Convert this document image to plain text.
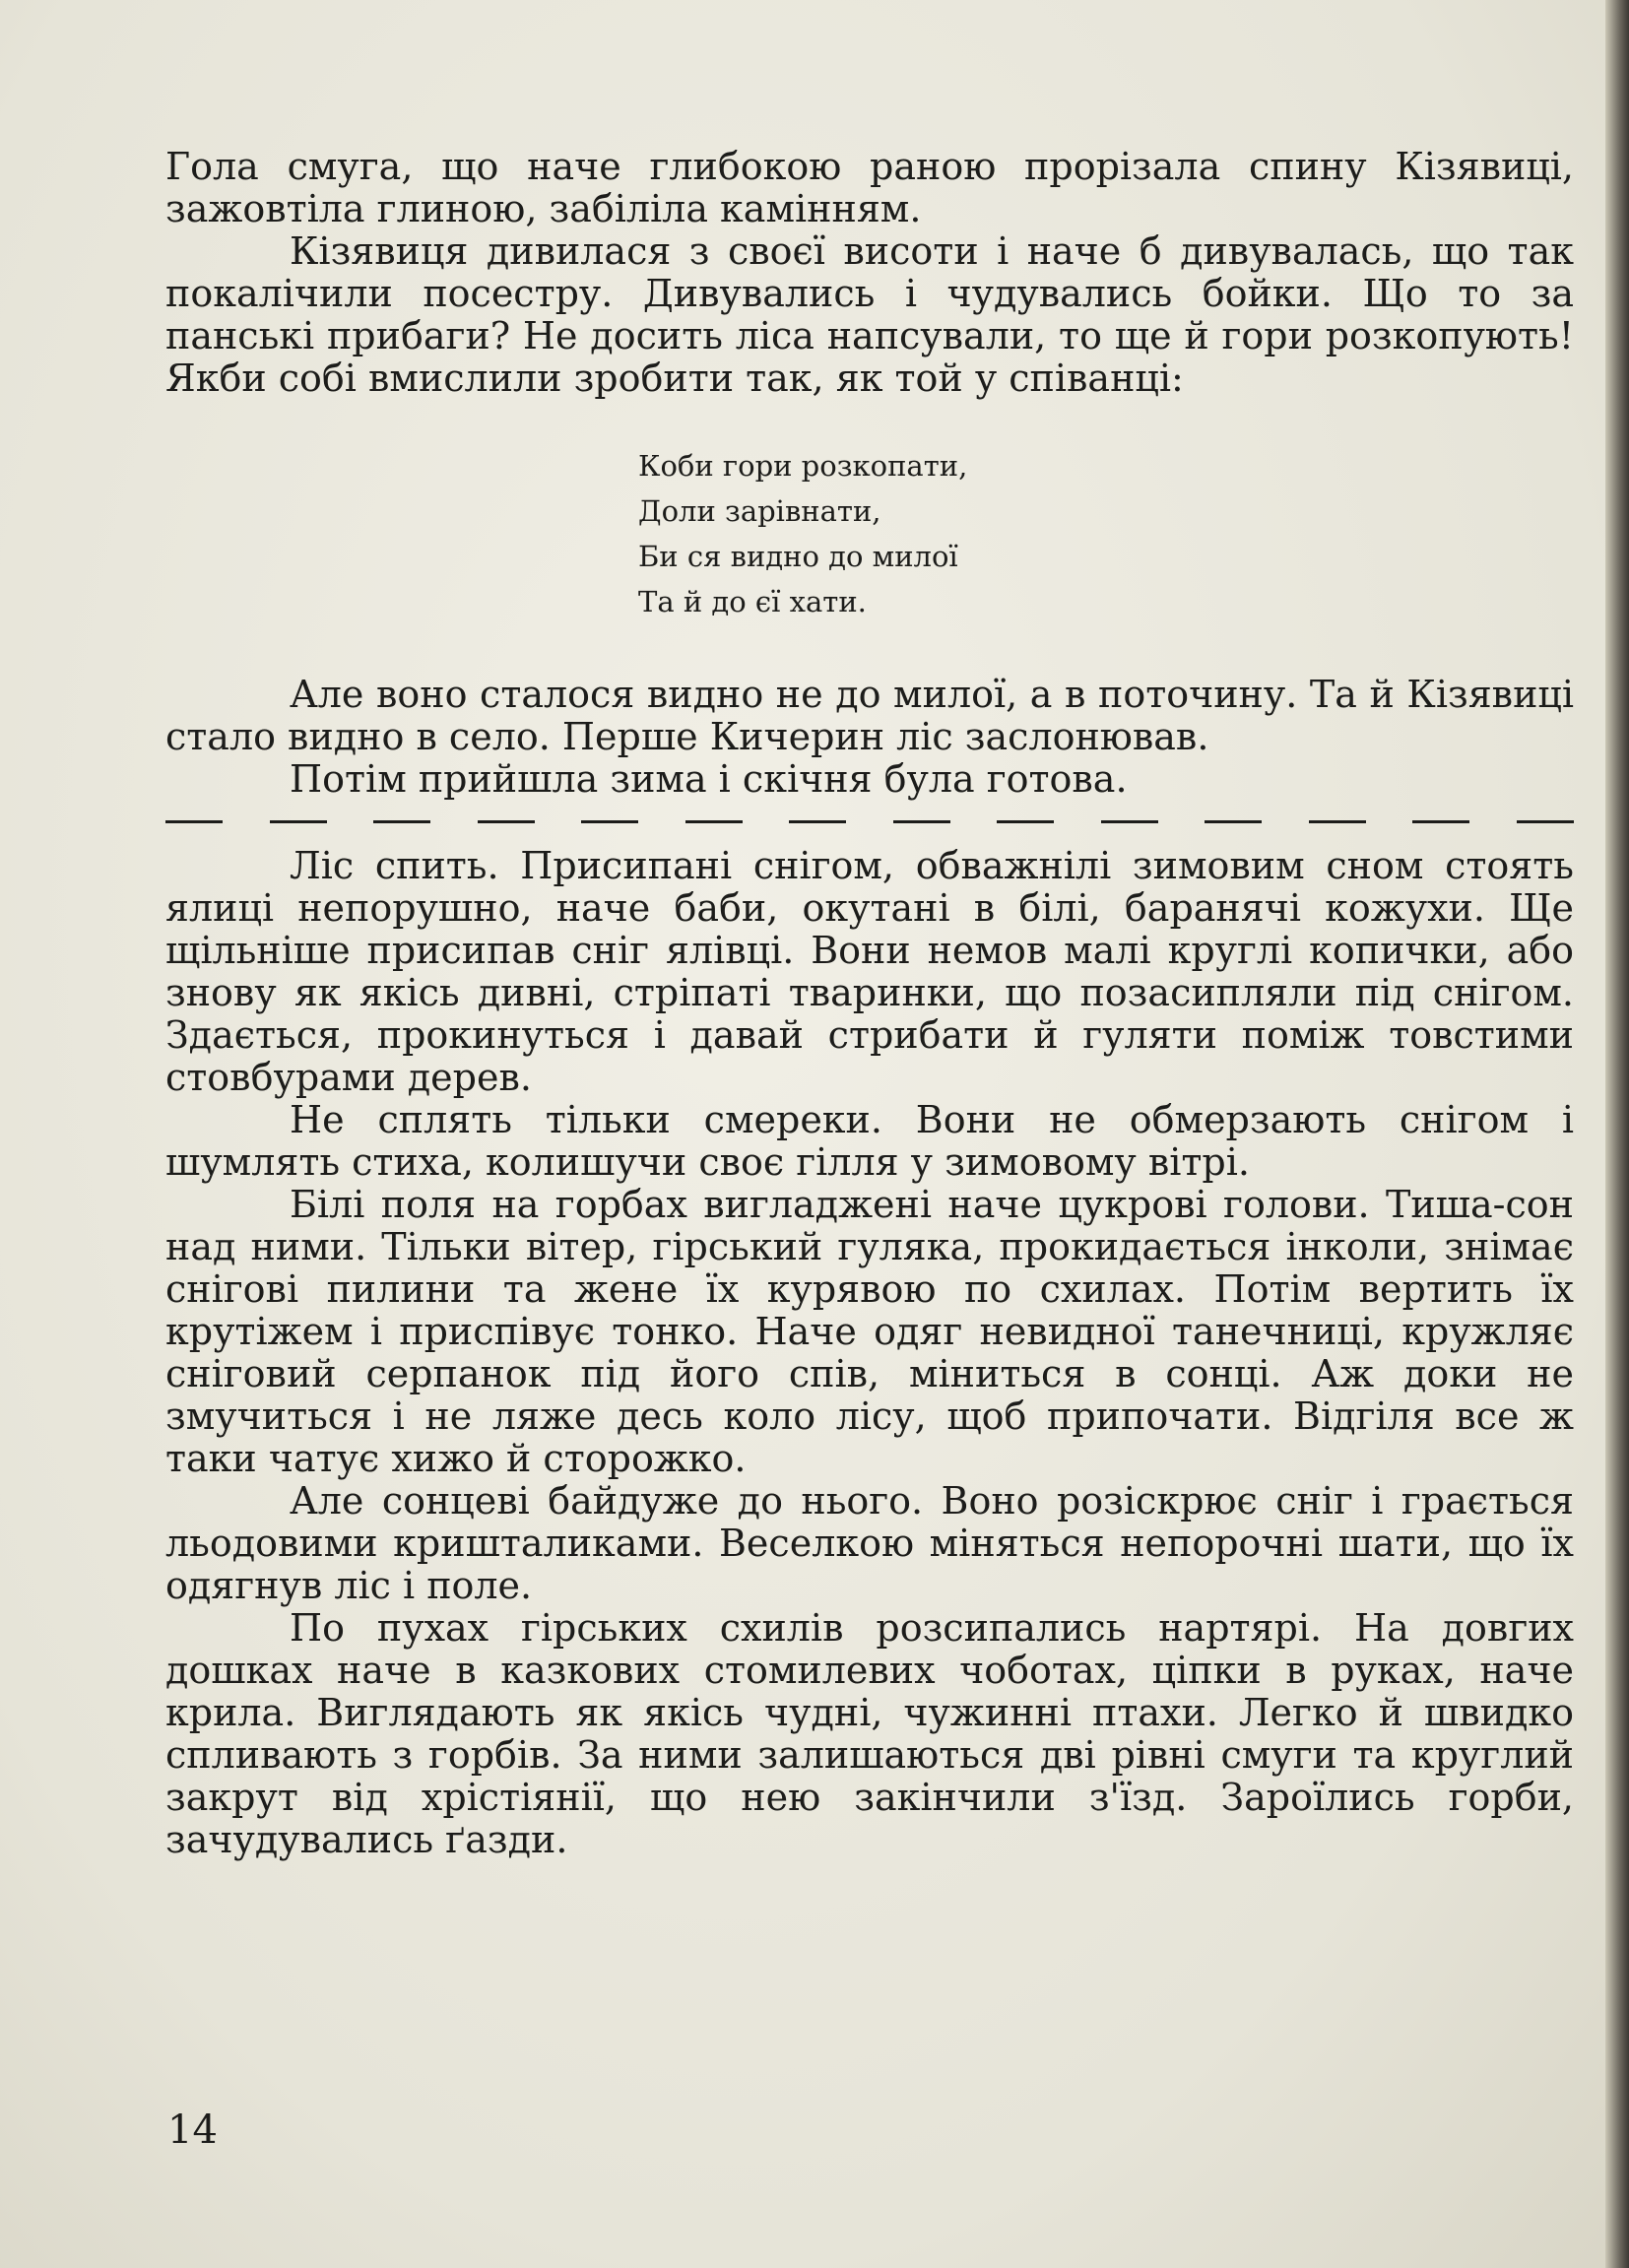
Гола смуга, що наче глибокою раною прорізала спину Кізявиці, зажовтіла глиною, забіліла камінням.

Кізявиця дивилася з своєї висоти і наче б дивувалась, що так покалічили посестру. Дивувались і чудувались бойки. Що то за панські прибаги? Не досить ліса напсували, то ще й гори розкопують! Якби собі вмислили зробити так, як той у співанці:

Коби гори розкопати,
Доли зарівнати,
Би ся видно до милої
Та й до єї хати.

Але воно сталося видно не до милої, а в поточину. Та й Кізявиці стало видно в село. Перше Кичерин ліс заслонював.

Потім прийшла зима і скічня була готова.

Ліс спить. Присипані снігом, обважнілі зимовим сном стоять ялиці непорушно, наче баби, окутані в білі, баранячі кожухи. Ще щільніше присипав сніг ялівці. Вони немов малі круглі копички, або знову як якісь дивні, стріпаті тваринки, що позасипляли під снігом. Здається, прокинуться і давай стрибати й гуляти поміж товстими стовбурами дерев.

Не сплять тільки смереки. Вони не обмерзають снігом і шумлять стиха, колишучи своє гілля у зимовому вітрі.

Білі поля на горбах вигладжені наче цукрові голови. Тиша-сон над ними. Тільки вітер, гірський гуляка, прокидається інколи, знімає снігові пилини та жене їх курявою по схилах. Потім вертить їх крутіжем і приспівує тонко. Наче одяг невидної танечниці, кружляє сніговий серпанок під його спів, міниться в сонці. Аж доки не змучиться і не ляже десь коло лісу, щоб припочати. Відгіля все ж таки чатує хижо й сторожко.

Але сонцеві байдуже до нього. Воно розіскрює сніг і грається льодовими кришталиками. Веселкою міняться непорочні шати, що їх одягнув ліс і поле.

По пухах гірських схилів розсипались нартярі. На довгих дошках наче в казкових стомилевих чоботах, ціпки в руках, наче крила. Виглядають як якісь чудні, чужинні птахи. Легко й швидко спливають з горбів. За ними залишаються дві рівні смуги та круглий закрут від хрістіянії, що нею закінчили з'їзд. Зароїлись горби, зачудувались ґазди.

14
